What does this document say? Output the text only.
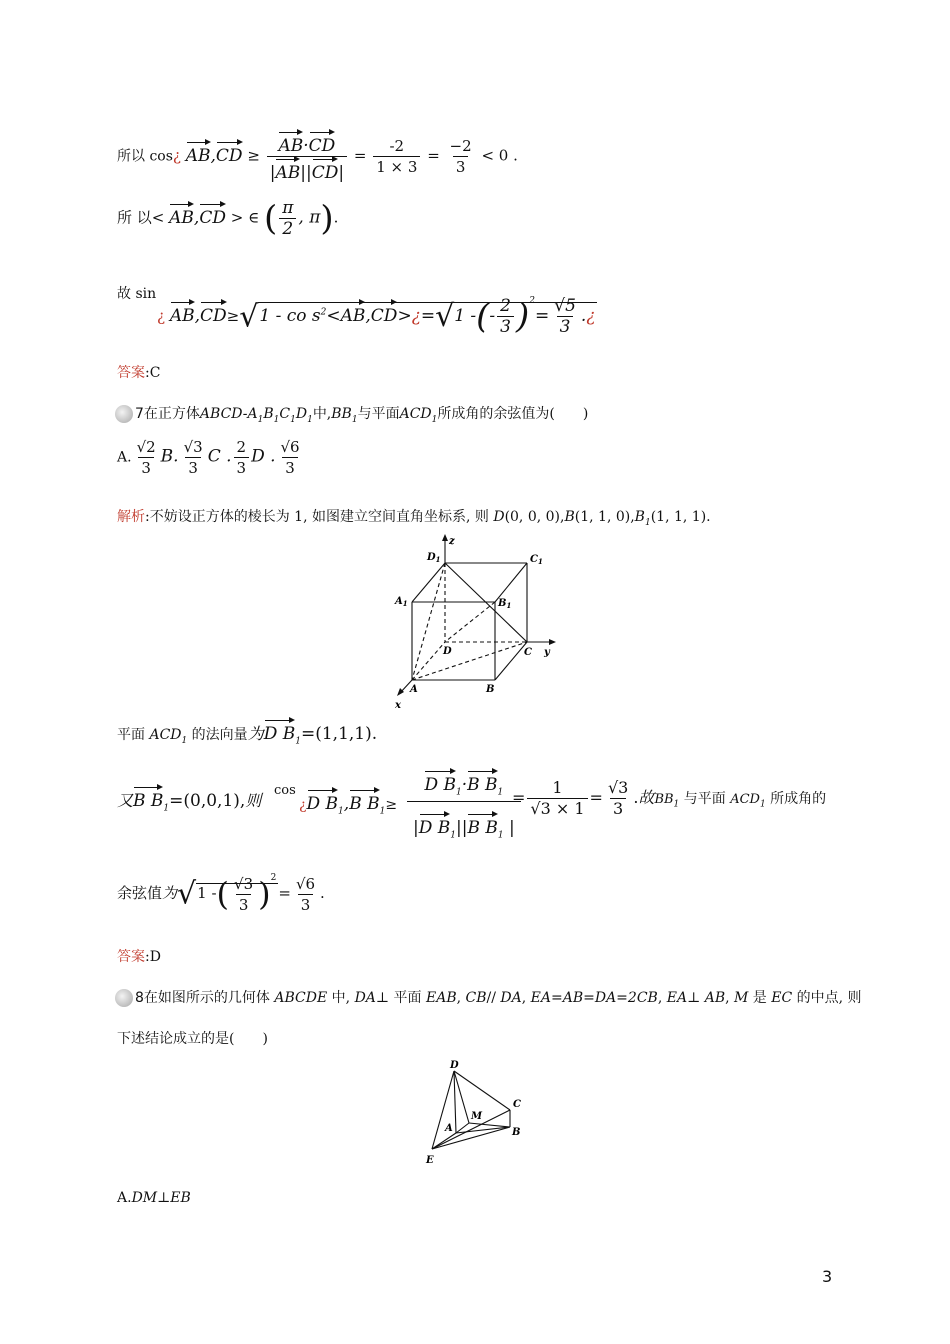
所以 cos¿ $AB,CD \ge \frac{AB\cdot CD}{|AB||CD|} = \frac{-2}{1 \times 3} = \frac{-2}{3} < 0$ .
所 以< AB,CD > ∈ ( $\frac{\pi}{2}$ , π).
故 sin
¿ AB,CD≥√1 - co $s^2<AB,CD>¿=√1$ -(- $\frac{2}{3} )^2= \frac{√5}{3}$ .¿
答案:C
7在正方体ABCD-$A_1B_1C_1D_1$中$,BB_1$与平面$ACD_1$所成角的余弦值为(　　)
A. $\frac{√2}{3} B$. $\frac{√3}{3}$ C . $\frac{2}{3}$ D . $\frac{√6}{3}$
解析:不妨设正方体的棱长为 1, 如图建立空间直角坐标系, 则 D(0, 0, 0),B(1, 1, $0),B_1(1$, 1, 1).
z
$D_1$	$C_1$
$A_1$	$B_1$
D	C y
A	B
x
平面 $ACD_1$ 的法向量为D $B_1=(1,1,1)$.
又B $B_1=(0,0,1)$,则
cos
¿D $B_1,B$ $B_1\ge$
D $B_1\cdot B$ $B_1$
|D $B_1||B$ $B_1$ |
= $\frac{1}{√3 \times 1} = \frac{√3}{3}$ .故$BB_1$ 与平面 $ACD_1$ 所成角的
余弦值为√1 -( $\frac{√3}{3} )^2= \frac{√6}{3}$ .
答案:D
8在如图所示的几何体 ABCDE 中, DA⊥ 平面 EAB, CB// DA, EA=AB=DA=2CB, EA⊥ AB, M 是 EC 的中点, 则
下述结论成立的是(　　)
D
M
C
A	B
E
A.DM⊥EB
3
